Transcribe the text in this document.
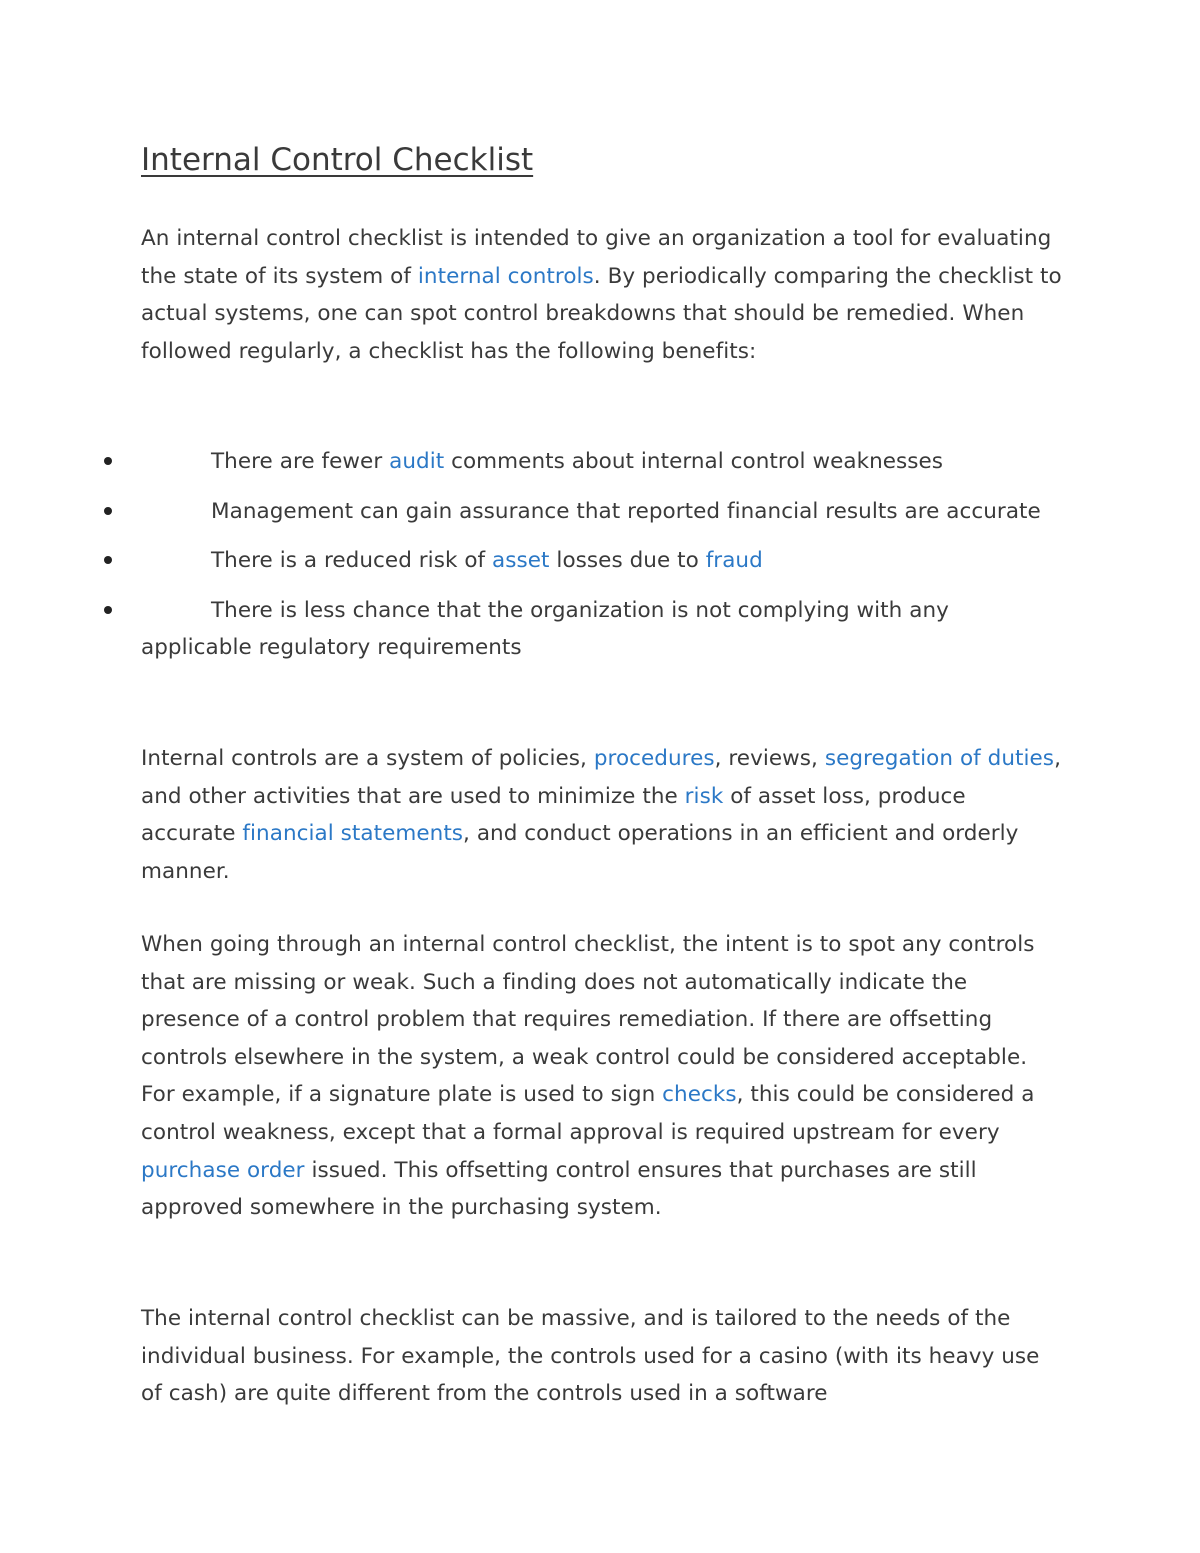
Internal Control Checklist

An internal control checklist is intended to give an organization a tool for evaluating the state of its system of internal controls. By periodically comparing the checklist to actual systems, one can spot control breakdowns that should be remedied. When followed regularly, a checklist has the following benefits:

There are fewer audit comments about internal control weaknesses

Management can gain assurance that reported financial results are accurate

There is a reduced risk of asset losses due to fraud

There is less chance that the organization is not complying with any applicable regulatory requirements

Internal controls are a system of policies, procedures, reviews, segregation of duties, and other activities that are used to minimize the risk of asset loss, produce accurate financial statements, and conduct operations in an efficient and orderly manner.

When going through an internal control checklist, the intent is to spot any controls that are missing or weak. Such a finding does not automatically indicate the presence of a control problem that requires remediation. If there are offsetting controls elsewhere in the system, a weak control could be considered acceptable. For example, if a signature plate is used to sign checks, this could be considered a control weakness, except that a formal approval is required upstream for every purchase order issued. This offsetting control ensures that purchases are still approved somewhere in the purchasing system.

The internal control checklist can be massive, and is tailored to the needs of the individual business. For example, the controls used for a casino (with its heavy use of cash) are quite different from the controls used in a software
